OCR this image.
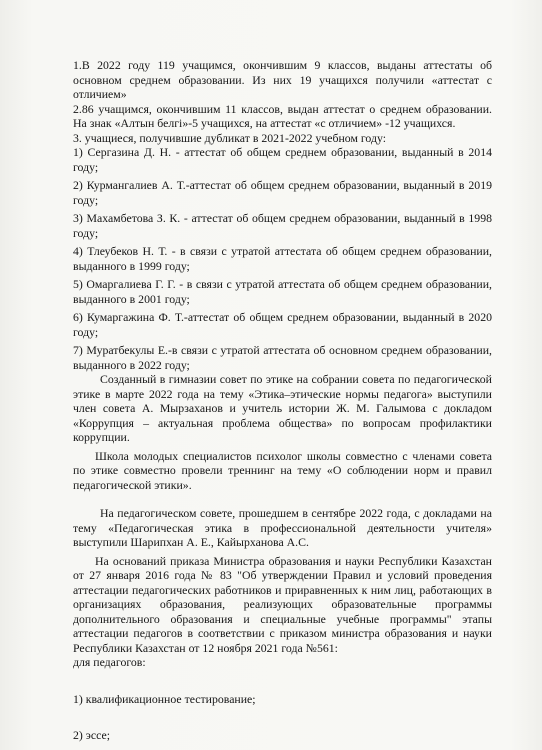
1.В 2022 году 119 учащимся, окончившим 9 классов, выданы аттестаты об основном среднем образовании. Из них 19 учащихся получили «аттестат с отличием»

2.86 учащимся, окончившим 11 классов, выдан аттестат о среднем образовании. На знак «Алтын белгі»-5 учащихся, на аттестат «с отличием» -12 учащихся.

3. учащиеся, получившие дубликат в 2021-2022 учебном году:

1) Сергазина Д. Н. - аттестат об общем среднем образовании, выданный в 2014 году;

2) Курмангалиев А. Т.-аттестат об общем среднем образовании, выданный в 2019 году;

3) Махамбетова З. К. - аттестат об общем среднем образовании, выданный в 1998 году;

4) Тлеубеков Н. Т. - в связи с утратой аттестата об общем среднем образовании, выданного в 1999 году;

5) Омаргалиева Г. Г. - в связи с утратой аттестата об общем среднем образовании, выданного в 2001 году;

6) Кумаргажина Ф. Т.-аттестат об общем среднем образовании, выданный в 2020 году;

7) Муратбекулы Е.-в связи с утратой аттестата об основном среднем образовании, выданного в 2022 году;

Созданный в гимназии совет по этике на собрании совета по педагогической этике в марте 2022 года на тему «Этика–этические нормы педагога» выступили член совета А. Мырзаханов и учитель истории Ж. М. Галымова с докладом «Коррупция – актуальная проблема общества» по вопросам профилактики коррупции.

Школа молодых специалистов психолог школы совместно с членами совета по этике совместно провели треннинг на тему «О соблюдении норм и правил педагогической этики».

На педагогическом совете, прошедшем в сентябре 2022 года, с докладами на тему «Педагогическая этика в профессиональной деятельности учителя» выступили Шарипхан А. Е., Кайырханова А.С.

На оснований приказа Министра образования и науки Республики Казахстан от 27 января 2016 года № 83 "Об утверждении Правил и условий проведения аттестации педагогических работников и приравненных к ним лиц, работающих в организациях образования, реализующих образовательные программы дополнительного образования и специальные учебные программы" этапы аттестации педагогов в соответствии с приказом министра образования и науки Республики Казахстан от 12 ноября 2021 года №561:

для педагогов:

1) квалификационное тестирование;

2) эссе;
